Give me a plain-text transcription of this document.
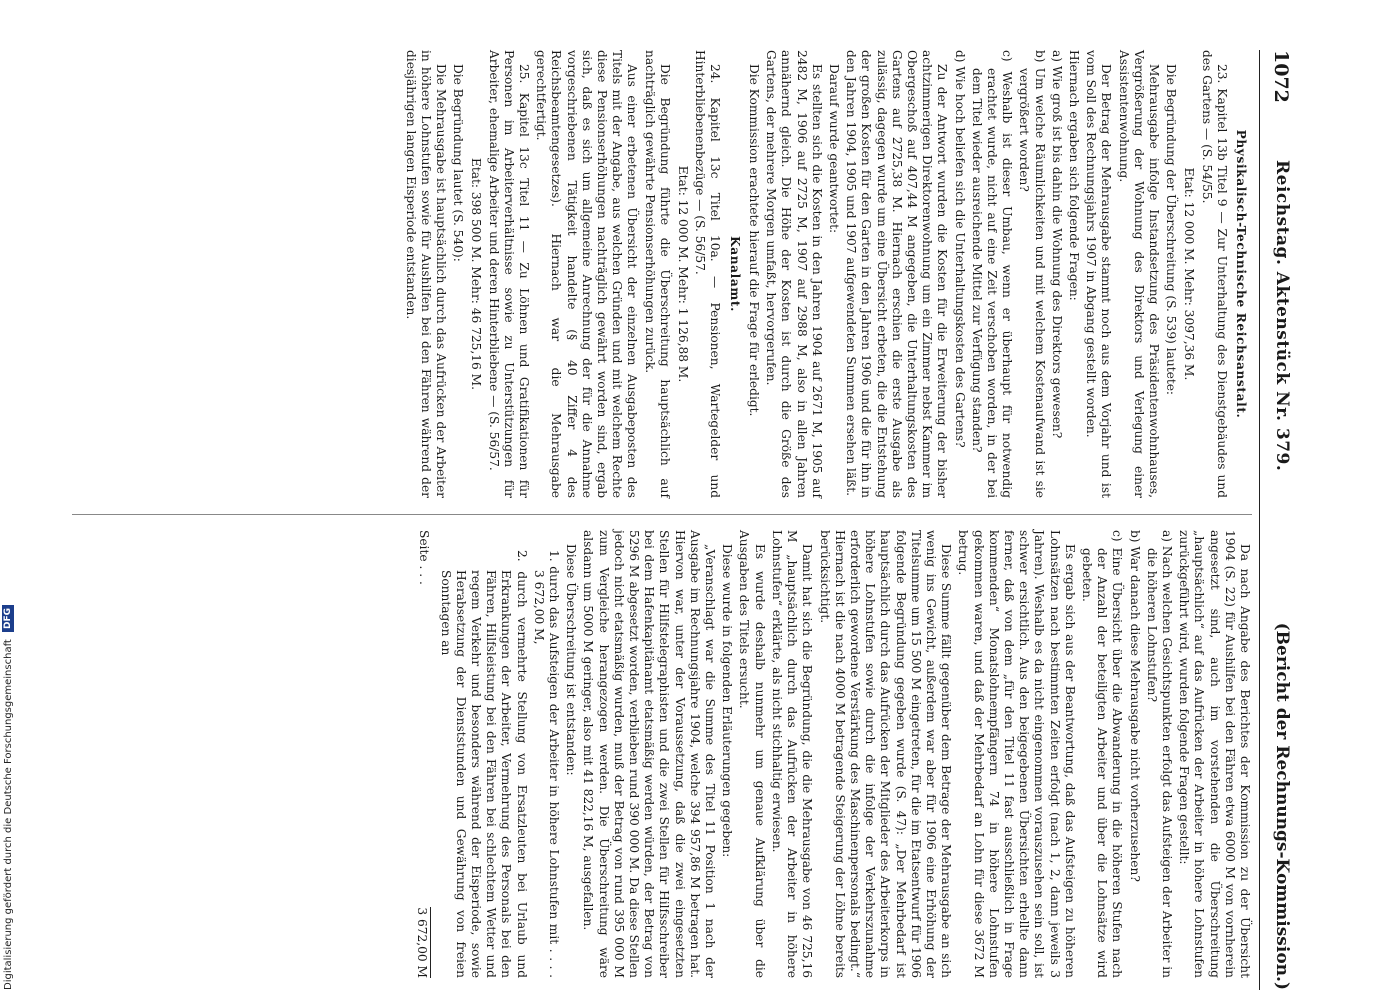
Digitalisierung gefördert durch die Deutsche Forschungsgemeinschaft DFG
1072
Reichstag. Aktenstück Nr. 379.
(Bericht der Rechnungs-Kommission.)

Physikalisch-Technische Reichsanstalt.

23. Kapitel 13b Titel 9 — Zur Unterhaltung des Dienstgebäudes und des Gartens — (S. 54/55.

Etat: 12 000 M. Mehr: 3097,36 M.

Die Begründung der Überschreitung (S. 539) lautete:

Mehrausgabe infolge Instandsetzung des Präsidentenwohnhauses, Vergrößerung der Wohnung des Direktors und Verlegung einer Assistentenwohnung.

Der Betrag der Mehrausgabe stammt noch aus dem Vorjahr und ist vom Soll des Rechnungsjahrs 1907 in Abgang gestellt worden.

Hiernach ergaben sich folgende Fragen:

a) Wie groß ist bis dahin die Wohnung des Direktors gewesen?

b) Um welche Räumlichkeiten und mit welchem Kostenaufwand ist sie vergrößert worden?

c) Weshalb ist dieser Umbau, wenn er überhaupt für notwendig erachtet wurde, nicht auf eine Zeit verschoben worden, in der bei dem Titel wieder ausreichende Mittel zur Verfügung standen?

d) Wie hoch beliefen sich die Unterhaltungskosten des Gartens?

Zu der Antwort wurden die Kosten für die Erweiterung der bisher achtzimmerigen Direktorenwohnung um ein Zimmer nebst Kammer im Obergeschoß auf 407,44 M angegeben, die Unterhaltungskosten des Gartens auf 2725,38 M. Hiernach erschien die erste Ausgabe als zulässig, dagegen wurde um eine Übersicht erbeten, die die Entstehung der großen Kosten für den Garten in den Jahren 1906 und die für ihn in den Jahren 1904, 1905 und 1907 aufgewendeten Summen ersehen läßt.

Darauf wurde geantwortet:

Es stellten sich die Kosten in den Jahren 1904 auf 2671 M, 1905 auf 2482 M, 1906 auf 2725 M, 1907 auf 2988 M, also in allen Jahren annähernd gleich. Die Höhe der Kosten ist durch die Größe des Gartens, der mehrere Morgen umfaßt, hervorgerufen.

Die Kommission erachtete hierauf die Frage für erledigt.

Kanalamt.

24. Kapitel 13c Titel 10a. — Pensionen, Wartegelder und Hinterbliebenenbezüge — (S. 56/57.

Etat: 12 000 M. Mehr: 1 126,88 M.

Die Begründung führte die Überschreitung hauptsächlich auf nachträglich gewährte Pensionserhöhungen zurück.

Aus einer erbetenen Übersicht der einzelnen Ausgabeposten des Titels mit der Angabe, aus welchen Gründen und mit welchem Rechte diese Pensionserhöhungen nachträglich gewährt worden sind, ergab sich, daß es sich um allgemeine Anrechnung der für die Annahme vorgeschriebenen Tätigkeit handelte (§ 40 Ziffer 4 des Reichsbeamtengesetzes). Hiernach war die Mehrausgabe gerechtfertigt.

25. Kapitel 13c Titel 11 — Zu Löhnen und Gratifikationen für Personen im Arbeiterverhältnisse sowie zu Unterstützungen für Arbeiter, ehemalige Arbeiter und deren Hinterbliebene — (S. 56/57.

Etat: 398 500 M. Mehr: 46 725,16 M.

Die Begründung lautet (S. 540):

Die Mehrausgabe ist hauptsächlich durch das Aufrücken der Arbeiter in höhere Lohnstufen sowie für Aushilfen bei den Fähren während der diesjährigen langen Eisperiode entstanden.

Da nach Angabe des Berichtes der Kommission zu der Übersicht 1904 (S. 22) für Aushilfen bei den Fähren etwa 6000 M von vornherein angesetzt sind, auch im vorstehenden die Überschreitung „hauptsächlich“ auf das Aufrücken der Arbeiter in höhere Lohnstufen zurückgeführt wird, wurden folgende Fragen gestellt:

a) Nach welchen Gesichtspunkten erfolgt das Aufsteigen der Arbeiter in die höheren Lohnstufen?

b) War danach diese Mehrausgabe nicht vorherzusehen?

c) Eine Übersicht über die Abwanderung in die höheren Stufen nach der Anzahl der beteiligten Arbeiter und über die Lohnsätze wird gebeten.

Es ergab sich aus der Beantwortung, daß das Aufsteigen zu höheren Lohnsätzen nach bestimmten Zeiten erfolgt (nach 1, 2, dann jeweils 3 Jahren). Weshalb es da nicht eingenommen vorauszusehen sein soll, ist schwer ersichtlich. Aus den beigegebenen Übersichten erhellte dann ferner, daß von dem „für den Titel 11 fast ausschließlich in Frage kommenden“ Monatslohnempfängern 74 in höhere Lohnstufen gekommen waren, und daß der Mehrbedarf an Lohn für diese 3672 M betrug.

Diese Summe fällt gegenüber dem Betrage der Mehrausgabe an sich wenig ins Gewicht, außerdem war aber für 1906 eine Erhöhung der Titelsumme um 15 500 M eingetreten, für die im Etatsentwurf für 1906 folgende Begründung gegeben wurde (S. 47): „Der Mehrbedarf ist hauptsächlich durch das Aufrücken der Mitglieder des Arbeiterkorps in höhere Lohnstufen sowie durch die infolge der Verkehrszunahme erforderlich gewordene Verstärkung des Maschinenpersonals bedingt.“ Hiernach ist die nach 4000 M betragende Steigerung der Löhne bereits berücksichtigt.

Damit hat sich die Begründung, die die Mehrausgabe von 46 725,16 M „hauptsächlich durch das Aufrücken der Arbeiter in höhere Lohnstufen“ erklärte, als nicht stichhaltig erwiesen.

Es wurde deshalb nunmehr um genaue Aufklärung über die Ausgaben des Titels ersucht.

Diese wurde in folgenden Erläuterungen gegeben:

„Veranschlagt war die Summe des Titel 11 Position 1 nach der Ausgabe im Rechnungsjahre 1904, welche 394 957,86 M betragen hat. Hiervon war, unter der Voraussetzung, daß die zwei eingesetzten Stellen für Hilfstelegraphisten und die zwei Stellen für Hilfsschreiber bei dem Hafenkapitänamt etatsmäßig werden würden, der Betrag von 5296 M abgesetzt worden, verblieben rund 390 000 M. Da diese Stellen jedoch nicht etatsmäßig wurden, muß der Betrag von rund 395 000 M zum Vergleiche herangezogen werden. Die Überschreitung wäre alsdann um 5000 M geringer, also mit 41 822,16 M, ausgefallen.

Diese Überschreitung ist entstanden:

1. durch das Aufsteigen der Arbeiter in höhere Lohnstufen mit . . . . 3 672,00 M,

2. durch vermehrte Stellung von Ersatzleuten bei Urlaub und Erkrankungen der Arbeiter, Vermehrung des Personals bei den Fähren, Hilfsleistung bei den Fähren bei schlechtem Wetter und regem Verkehr und besonders während der Eisperiode, sowie Herabsetzung der Dienststunden und Gewährung von freien Sonntagen an

Seite . . .
3 672,00 M
